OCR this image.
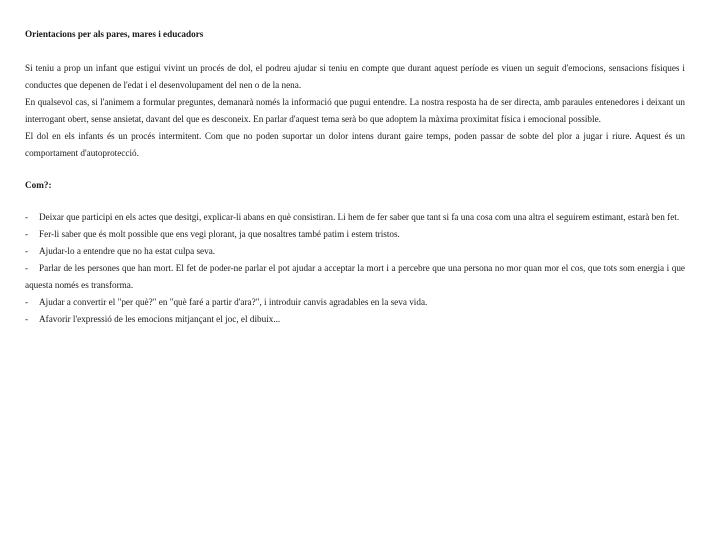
Orientacions per als pares, mares i educadors

Si teniu a prop un infant que estigui vivint un procés de dol, el podreu ajudar si teniu en compte que durant aquest període es viuen un seguit d'emocions, sensacions físiques i conductes que depenen de l'edat i el desenvolupament del nen o de la nena.

En qualsevol cas, si l'animem a formular preguntes, demanarà només la informació que pugui entendre. La nostra resposta ha de ser directa, amb paraules entenedores i deixant un interrogant obert, sense ansietat, davant del que es desconeix. En parlar d'aquest tema serà bo que adoptem la màxima proximitat física i emocional possible.

El dol en els infants és un procés intermitent. Com que no poden suportar un dolor intens durant gaire temps, poden passar de sobte del plor a jugar i riure. Aquest és un comportament d'autoprotecció.

Com?:

- Deixar que participi en els actes que desitgi, explicar-li abans en què consistiran. Li hem de fer saber que tant si fa una cosa com una altra el seguirem estimant, estarà ben fet.

- Fer-li saber que és molt possible que ens vegi plorant, ja que nosaltres també patim i estem tristos.

- Ajudar-lo a entendre que no ha estat culpa seva.

- Parlar de les persones que han mort. El fet de poder-ne parlar el pot ajudar a acceptar la mort i a percebre que una persona no mor quan mor el cos, que tots som energia i que aquesta només es transforma.

- Ajudar a convertir el "per què?" en "què faré a partir d'ara?", i introduir canvis agradables en la seva vida.

- Afavorir l'expressió de les emocions mitjançant el joc, el dibuix...
